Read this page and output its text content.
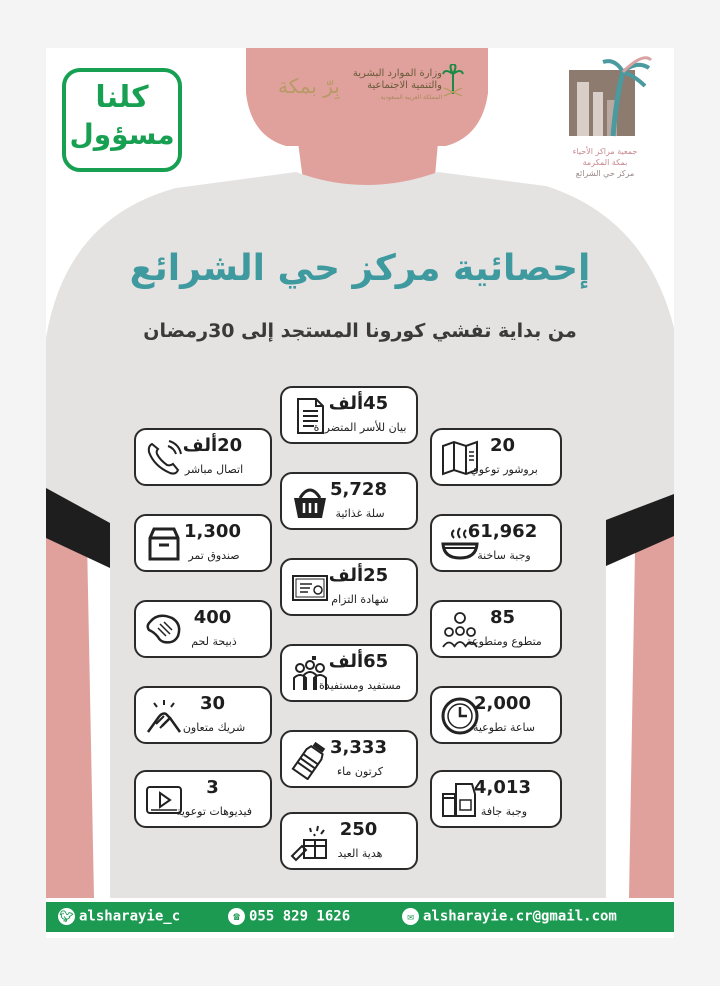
كلنا
مسؤول
بِرّ بمكة
وزارة الموارد البشرية
والتنمية الاجتماعية
المملكة العربية السعودية
جمعية مراكز الأحياء
بمكة المكرمة
مركز حي الشرائع
إحصائية مركز حي الشرائع
من بداية تفشي كورونا المستجد إلى 30رمضان
45ألف
بيان للأسر المتضررة
5,728
سلة غذائية
25ألف
شهادة التزام
65ألف
مستفيد ومستفيدة
3,333
كرتون ماء
250
هدية العيد
20ألف
اتصال مباشر
1,300
صندوق تمر
400
ذبيحة لحم
30
شريك متعاون
3
فيديوهات توعوية
20
بروشور توعوي
61,962
وجبة ساخنة
85
متطوع ومتطوعة
2,000
ساعة تطوعية
4,013
وجبة جافة
🐦︎ alsharayie_c	☎ 055 829 1626	✉ alsharayie.cr@gmail.com
